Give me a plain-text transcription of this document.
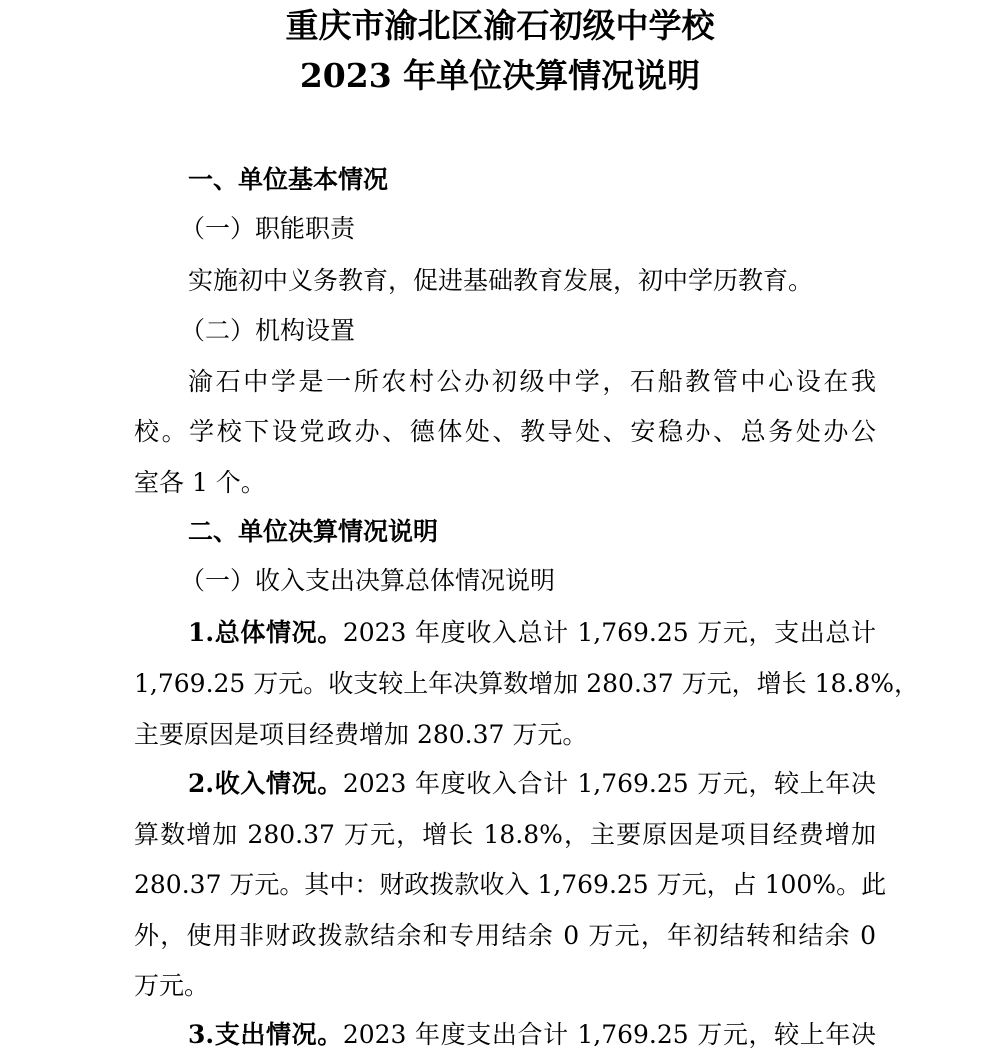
重庆市渝北区渝石初级中学校
2023 年单位决算情况说明
一、单位基本情况
（一）职能职责
实施初中义务教育，促进基础教育发展，初中学历教育。
（二）机构设置
渝石中学是一所农村公办初级中学，石船教管中心设在我
校。学校下设党政办、德体处、教导处、安稳办、总务处办公
室各 1 个。
二、单位决算情况说明
（一）收入支出决算总体情况说明
1.总体情况。2023 年度收入总计 1,769.25 万元，支出总计
1,769.25 万元。收支较上年决算数增加 280.37 万元，增长 18.8%，
主要原因是项目经费增加 280.37 万元。
2.收入情况。2023 年度收入合计 1,769.25 万元，较上年决
算数增加 280.37 万元，增长 18.8%，主要原因是项目经费增加
280.37 万元。其中：财政拨款收入 1,769.25 万元，占 100%。此
外，使用非财政拨款结余和专用结余 0 万元，年初结转和结余 0
万元。
3.支出情况。2023 年度支出合计 1,769.25 万元，较上年决
